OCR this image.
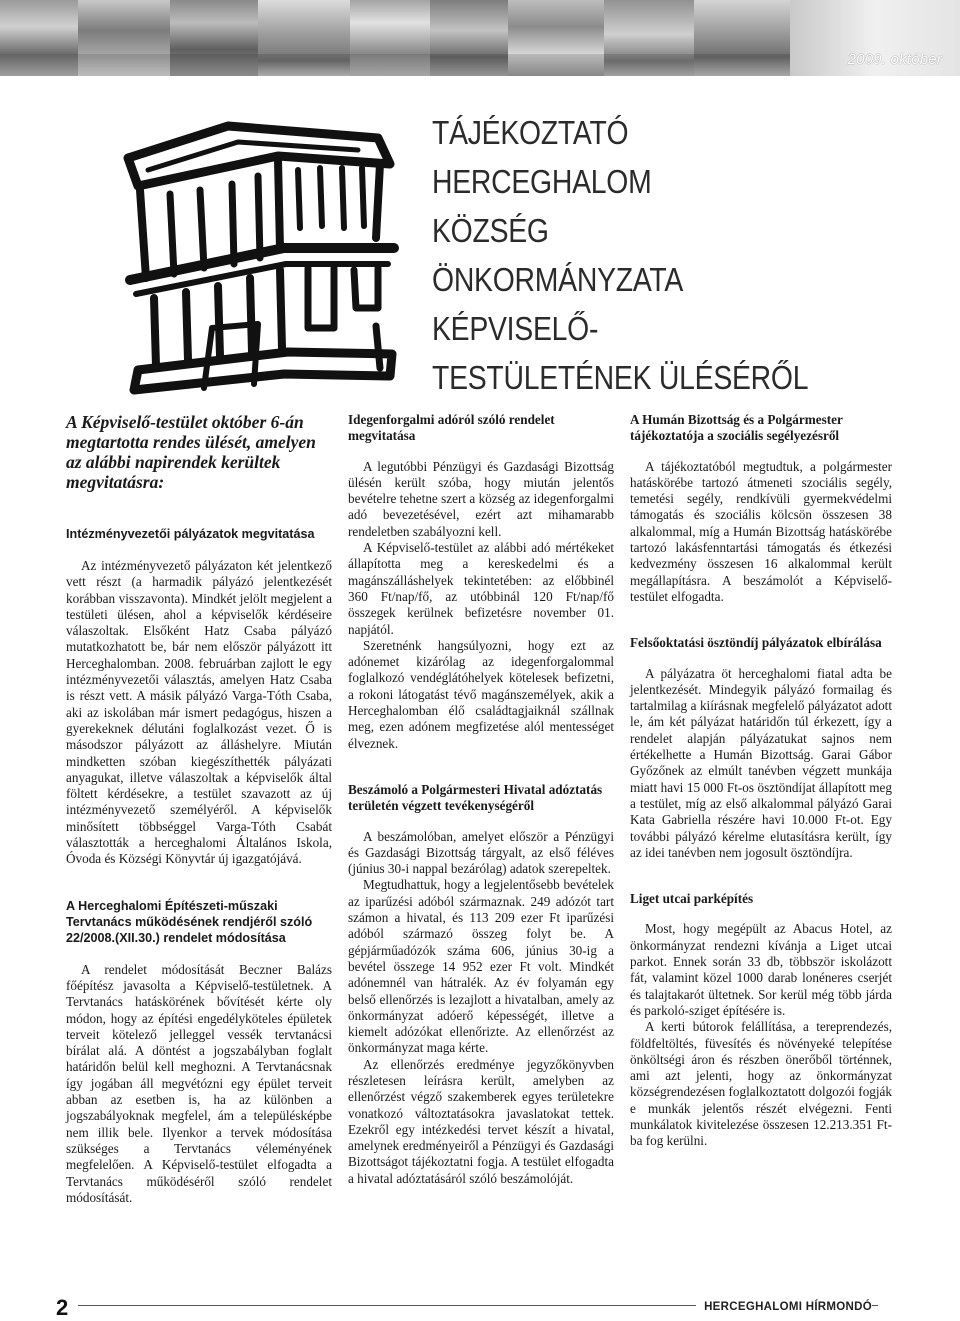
2009. október
TÁJÉKOZTATÓ
HERCEGHALOM
KÖZSÉG
ÖNKORMÁNYZATA
KÉPVISELŐ-
TESTÜLETÉNEK ÜLÉSÉRŐL

A Képviselő-testület október 6-án megtartotta rendes ülését, amelyen az alábbi napirendek kerültek megvitatásra:

Intézményvezetői pályázatok megvitatása

Az intézményvezető pályázaton két jelentkező vett részt (a harmadik pályázó jelentkezését korábban visszavonta). Mindkét jelölt megjelent a testületi ülésen, ahol a képviselők kérdéseire válaszoltak. Elsőként Hatz Csaba pályázó mutatkozhatott be, bár nem először pályázott itt Herceghalomban. 2008. februárban zajlott le egy intézményvezetői választás, amelyen Hatz Csaba is részt vett. A másik pályázó Varga-Tóth Csaba, aki az iskolában már ismert pedagógus, hiszen a gyerekeknek délutáni foglalkozást vezet. Ő is másodszor pályázott az álláshelyre. Miután mindketten szóban kiegészíthették pályázati anyagukat, illetve válaszoltak a képviselők által föltett kérdésekre, a testület szavazott az új intézményvezető személyéről. A képviselők minősített többséggel Varga-Tóth Csabát választották a herceghalomi Általános Iskola, Óvoda és Községi Könyvtár új igazgatójává.

A Herceghalomi Építészeti-műszaki Tervtanács működésének rendjéről szóló 22/2008.(XII.30.) rendelet módosítása

A rendelet módosítását Beczner Balázs főépítész javasolta a Képviselő-testületnek. A Tervtanács hatáskörének bővítését kérte oly módon, hogy az építési engedélyköteles épületek terveit kötelező jelleggel vessék tervtanácsi bírálat alá. A döntést a jogszabályban foglalt határidőn belül kell meghozni. A Tervtanácsnak így jogában áll megvétózni egy épület terveit abban az esetben is, ha az különben a jogszabályoknak megfelel, ám a településképbe nem illik bele. Ilyenkor a tervek módosítása szükséges a Tervtanács véleményének megfelelően. A Képviselő-testület elfogadta a Tervtanács működéséről szóló rendelet módosítását.

Idegenforgalmi adóról szóló rendelet megvitatása

A legutóbbi Pénzügyi és Gazdasági Bizottság ülésén került szóba, hogy miután jelentős bevételre tehetne szert a község az idegenforgalmi adó bevezetésével, ezért azt mihamarabb rendeletben szabályozni kell.

A Képviselő-testület az alábbi adó mértékeket állapította meg a kereskedelmi és a magánszálláshelyek tekintetében: az előbbinél 360 Ft/nap/fő, az utóbbinál 120 Ft/nap/fő összegek kerülnek befizetésre november 01. napjától.

Szeretnénk hangsúlyozni, hogy ezt az adónemet kizárólag az idegenforgalommal foglalkozó vendéglátóhelyek kötelesek befizetni, a rokoni látogatást tévő magánszemélyek, akik a Herceghalomban élő családtagjaiknál szállnak meg, ezen adónem megfizetése alól mentességet élveznek.

Beszámoló a Polgármesteri Hivatal adóztatás területén végzett tevékenységéről

A beszámolóban, amelyet először a Pénzügyi és Gazdasági Bizottság tárgyalt, az első féléves (június 30-i nappal bezárólag) adatok szerepeltek.

Megtudhattuk, hogy a legjelentősebb bevételek az iparűzési adóból származnak. 249 adózót tart számon a hivatal, és 113 209 ezer Ft iparűzési adóból származó összeg folyt be. A gépjárműadózók száma 606, június 30-ig a bevétel összege 14 952 ezer Ft volt. Mindkét adónemnél van hátralék. Az év folyamán egy belső ellenőrzés is lezajlott a hivatalban, amely az önkormányzat adóerő képességét, illetve a kiemelt adózókat ellenőrizte. Az ellenőrzést az önkormányzat maga kérte.

Az ellenőrzés eredménye jegyzőkönyvben részletesen leírásra került, amelyben az ellenőrzést végző szakemberek egyes területekre vonatkozó változtatásokra javaslatokat tettek. Ezekről egy intézkedési tervet készít a hivatal, amelynek eredményeiről a Pénzügyi és Gazdasági Bizottságot tájékoztatni fogja. A testület elfogadta a hivatal adóztatásáról szóló beszámolóját.

A Humán Bizottság és a Polgármester tájékoztatója a szociális segélyezésről

A tájékoztatóból megtudtuk, a polgármester hatáskörébe tartozó átmeneti szociális segély, temetési segély, rendkívüli gyermekvédelmi támogatás és szociális kölcsön összesen 38 alkalommal, míg a Humán Bizottság hatáskörébe tartozó lakásfenntartási támogatás és étkezési kedvezmény összesen 16 alkalommal került megállapításra. A beszámolót a Képviselő-testület elfogadta.

Felsőoktatási ösztöndíj pályázatok elbírálása

A pályázatra öt herceghalomi fiatal adta be jelentkezését. Mindegyik pályázó formailag és tartalmilag a kiírásnak megfelelő pályázatot adott le, ám két pályázat határidőn túl érkezett, így a rendelet alapján pályázatukat sajnos nem értékelhette a Humán Bizottság. Garai Gábor Győzőnek az elmúlt tanévben végzett munkája miatt havi 15 000 Ft-os ösztöndíjat állapított meg a testület, míg az első alkalommal pályázó Garai Kata Gabriella részére havi 10.000 Ft-ot. Egy további pályázó kérelme elutasításra került, így az idei tanévben nem jogosult ösztöndíjra.

Liget utcai parképítés

Most, hogy megépült az Abacus Hotel, az önkormányzat rendezni kívánja a Liget utcai parkot. Ennek során 33 db, többször iskolázott fát, valamint közel 1000 darab lonéneres cserjét és talajtakarót ültetnek. Sor kerül még több járda és parkoló-sziget építésére is.

A kerti bútorok felállítása, a tereprendezés, földfeltöltés, füvesítés és növényeké telepítése önköltségi áron és részben önerőből történnek, ami azt jelenti, hogy az önkormányzat községrendezésen foglalkoztatott dolgozói fogják e munkák jelentős részét elvégezni. Fenti munkálatok kivitelezése összesen 12.213.351 Ft-ba fog kerülni.

2	HERCEGHALOMI HÍRMONDÓ
